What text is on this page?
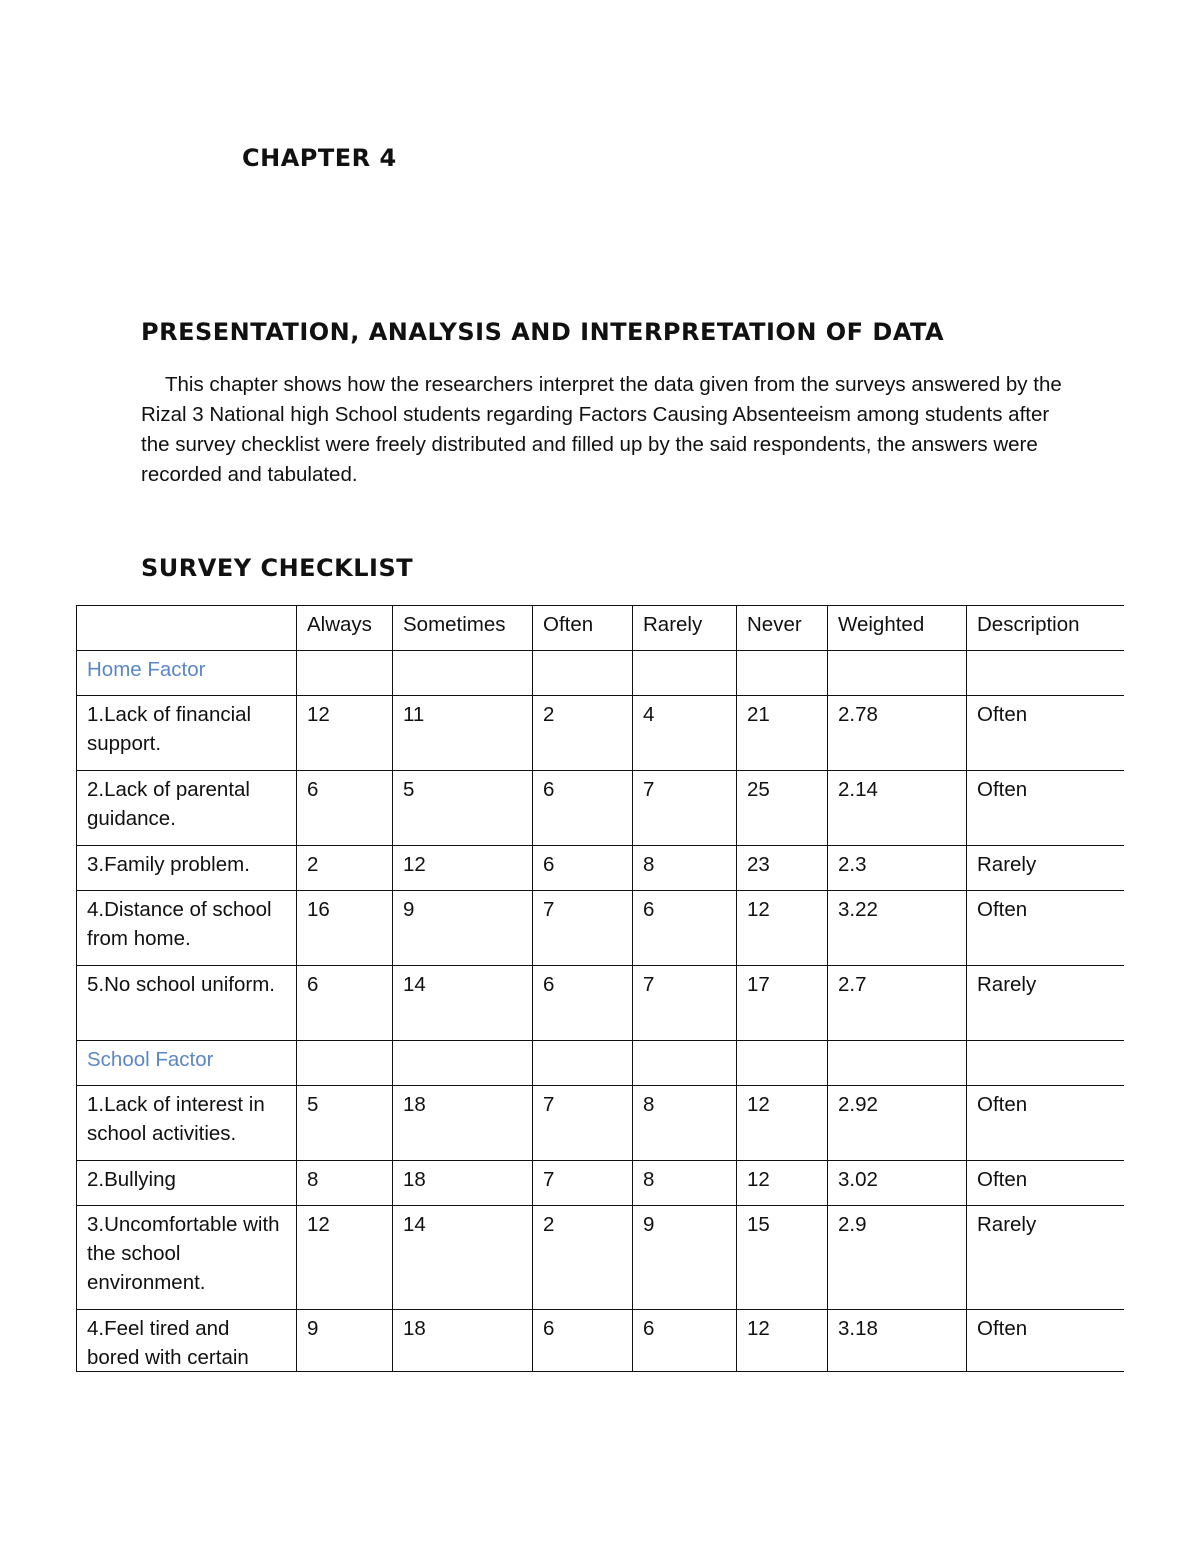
CHAPTER 4
PRESENTATION, ANALYSIS AND INTERPRETATION OF DATA

This chapter shows how the researchers interpret the data given from the surveys answered by the Rizal 3 National high School students regarding Factors Causing Absenteeism among students after the survey checklist were freely distributed and filled up by the said respondents, the answers were recorded and tabulated.

SURVEY CHECKLIST
	Always	Sometimes	Often	Rarely	Never	Weighted	Description
Home Factor							
1.Lack of financial support.	12	11	2	4	21	2.78	Often
2.Lack of parental guidance.	6	5	6	7	25	2.14	Often
3.Family problem.	2	12	6	8	23	2.3	Rarely
4.Distance of school from home.	16	9	7	6	12	3.22	Often
5.No school uniform.	6	14	6	7	17	2.7	Rarely
School Factor							
1.Lack of interest in school activities.	5	18	7	8	12	2.92	Often
2.Bullying	8	18	7	8	12	3.02	Often
3.Uncomfortable with the school environment.	12	14	2	9	15	2.9	Rarely
4.Feel tired and bored with certain	9	18	6	6	12	3.18	Often
